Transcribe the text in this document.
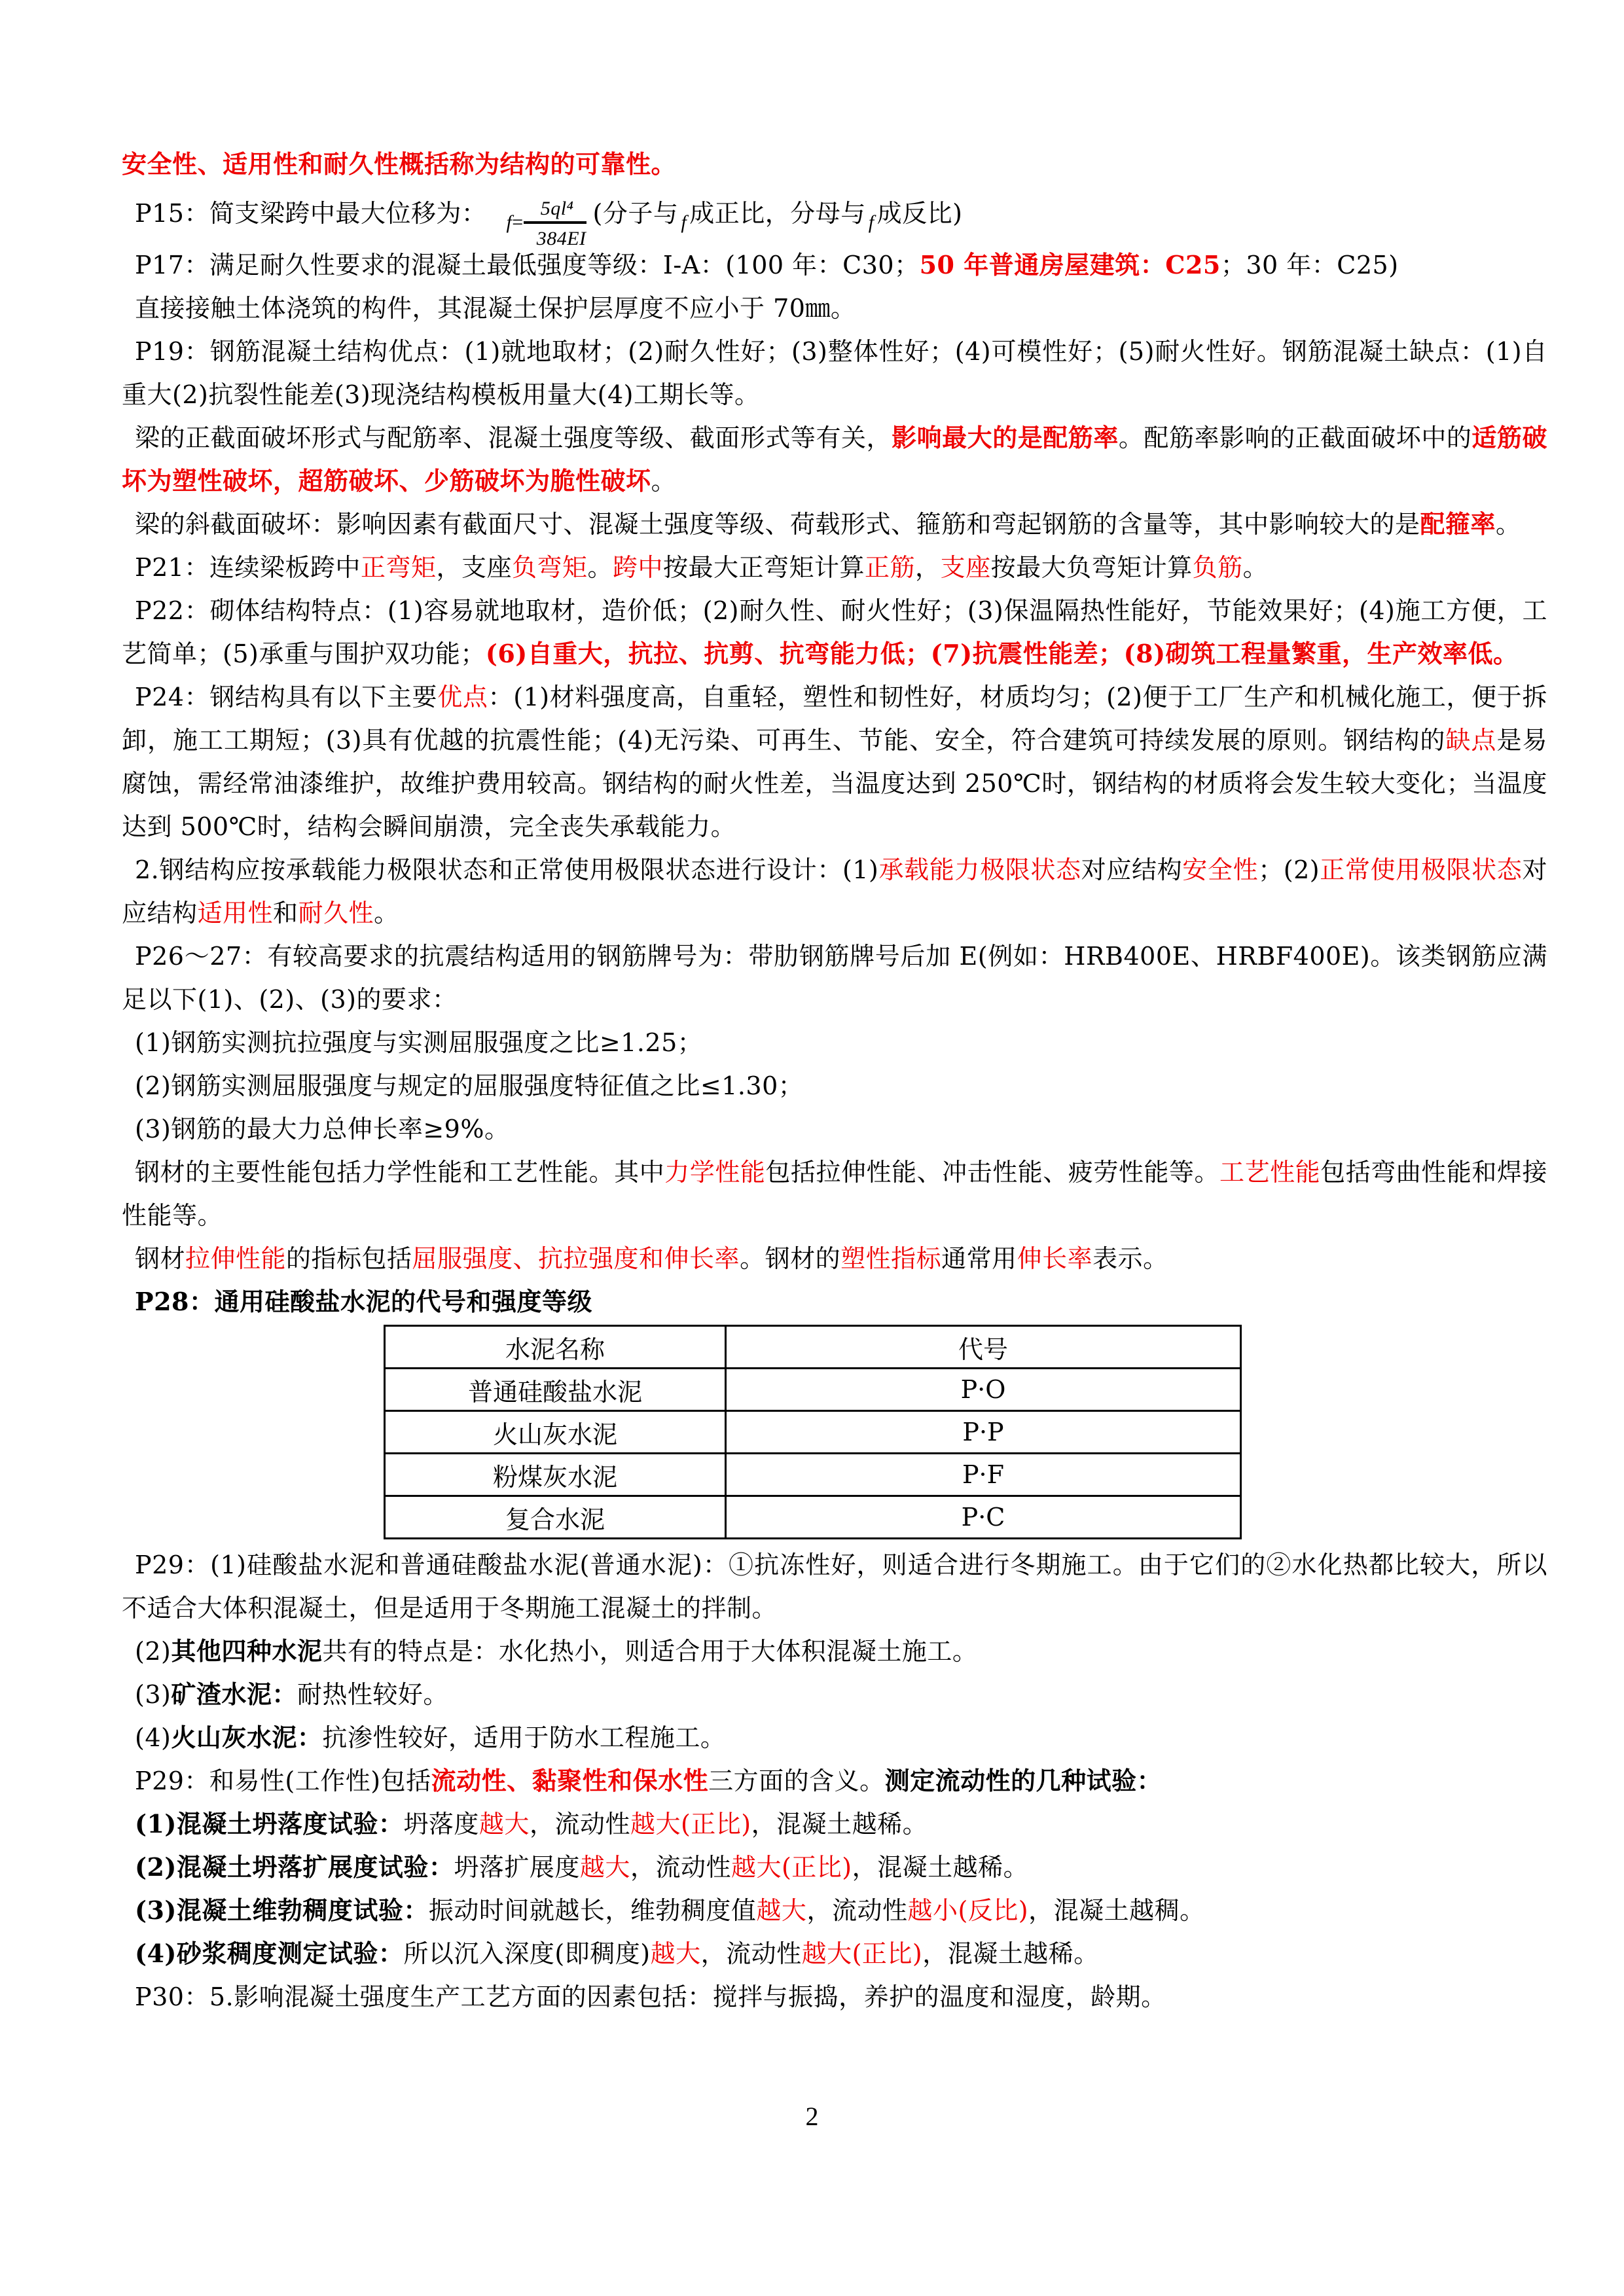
安全性、适用性和耐久性概括称为结构的可靠性。

P15：简支梁跨中最大位移为： $f= \frac{\text{5ql⁴}}{384EI}$ (分子与 $_f$ 成正比，分母与 $_f$ 成反比)

P17：满足耐久性要求的混凝土最低强度等级：Ⅰ-A：(100 年：C30；50 年普通房屋建筑：C25；30 年：C25)

直接接触土体浇筑的构件，其混凝土保护层厚度不应小于 70㎜。

P19：钢筋混凝土结构优点：(1)就地取材；(2)耐久性好；(3)整体性好；(4)可模性好；(5)耐火性好。钢筋混凝土缺点：(1)自重大(2)抗裂性能差(3)现浇结构模板用量大(4)工期长等。

梁的正截面破坏形式与配筋率、混凝土强度等级、截面形式等有关，影响最大的是配筋率。配筋率影响的正截面破坏中的适筋破坏为塑性破坏，超筋破坏、少筋破坏为脆性破坏。

梁的斜截面破坏：影响因素有截面尺寸、混凝土强度等级、荷载形式、箍筋和弯起钢筋的含量等，其中影响较大的是配箍率。

P21：连续梁板跨中正弯矩，支座负弯矩。跨中按最大正弯矩计算正筋，支座按最大负弯矩计算负筋。

P22：砌体结构特点：(1)容易就地取材，造价低；(2)耐久性、耐火性好；(3)保温隔热性能好，节能效果好；(4)施工方便，工艺简单；(5)承重与围护双功能；(6)自重大，抗拉、抗剪、抗弯能力低；(7)抗震性能差；(8)砌筑工程量繁重，生产效率低。

P24：钢结构具有以下主要优点：(1)材料强度高，自重轻，塑性和韧性好，材质均匀；(2)便于工厂生产和机械化施工，便于拆卸，施工工期短；(3)具有优越的抗震性能；(4)无污染、可再生、节能、安全，符合建筑可持续发展的原则。钢结构的缺点是易腐蚀，需经常油漆维护，故维护费用较高。钢结构的耐火性差，当温度达到 250℃时，钢结构的材质将会发生较大变化；当温度达到 500℃时，结构会瞬间崩溃，完全丧失承载能力。

2.钢结构应按承载能力极限状态和正常使用极限状态进行设计：(1)承载能力极限状态对应结构安全性；(2)正常使用极限状态对应结构适用性和耐久性。

P26～27：有较高要求的抗震结构适用的钢筋牌号为：带肋钢筋牌号后加 E(例如：HRB400E、HRBF400E)。该类钢筋应满足以下(1)、(2)、(3)的要求：

(1)钢筋实测抗拉强度与实测屈服强度之比≥1.25；

(2)钢筋实测屈服强度与规定的屈服强度特征值之比≤1.30；

(3)钢筋的最大力总伸长率≥9%。

钢材的主要性能包括力学性能和工艺性能。其中力学性能包括拉伸性能、冲击性能、疲劳性能等。工艺性能包括弯曲性能和焊接性能等。

钢材拉伸性能的指标包括屈服强度、抗拉强度和伸长率。钢材的塑性指标通常用伸长率表示。

P28：通用硅酸盐水泥的代号和强度等级

水泥名称	代号
普通硅酸盐水泥	P·O
火山灰水泥	P·P
粉煤灰水泥	P·F
复合水泥	P·C

P29：(1)硅酸盐水泥和普通硅酸盐水泥(普通水泥)：①抗冻性好，则适合进行冬期施工。由于它们的②水化热都比较大，所以不适合大体积混凝土，但是适用于冬期施工混凝土的拌制。

(2)其他四种水泥共有的特点是：水化热小，则适合用于大体积混凝土施工。

(3)矿渣水泥：耐热性较好。

(4)火山灰水泥：抗渗性较好，适用于防水工程施工。

P29：和易性(工作性)包括流动性、黏聚性和保水性三方面的含义。测定流动性的几种试验：

(1)混凝土坍落度试验：坍落度越大，流动性越大(正比)，混凝土越稀。

(2)混凝土坍落扩展度试验：坍落扩展度越大，流动性越大(正比)，混凝土越稀。

(3)混凝土维勃稠度试验：振动时间就越长，维勃稠度值越大，流动性越小(反比)，混凝土越稠。

(4)砂浆稠度测定试验：所以沉入深度(即稠度)越大，流动性越大(正比)，混凝土越稀。

P30：5.影响混凝土强度生产工艺方面的因素包括：搅拌与振捣，养护的温度和湿度，龄期。

2
